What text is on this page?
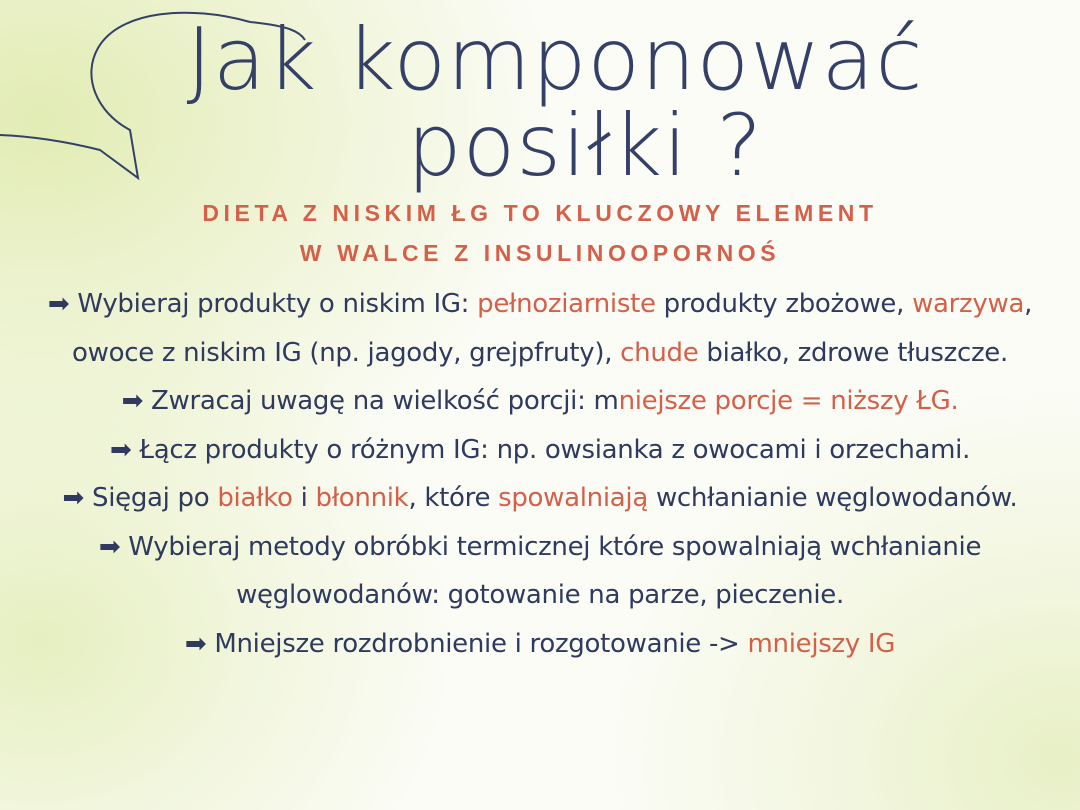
Jak komponować
posiłki ?

DIETA Z NISKIM ŁG TO KLUCZOWY ELEMENT

W WALCE Z INSULINOOPORNOŚ

➡ Wybieraj produkty o niskim IG: pełnoziarniste produkty zbożowe, warzywa, owoce z niskim IG (np. jagody, grejpfruty), chude białko, zdrowe tłuszcze.

➡ Zwracaj uwagę na wielkość porcji: mniejsze porcje = niższy ŁG.

➡ Łącz produkty o różnym IG: np. owsianka z owocami i orzechami.

➡ Sięgaj po białko i błonnik, które spowalniają wchłanianie węglowodanów.

➡ Wybieraj metody obróbki termicznej które spowalniają wchłanianie węglowodanów: gotowanie na parze, pieczenie.

➡ Mniejsze rozdrobnienie i rozgotowanie -> mniejszy IG
